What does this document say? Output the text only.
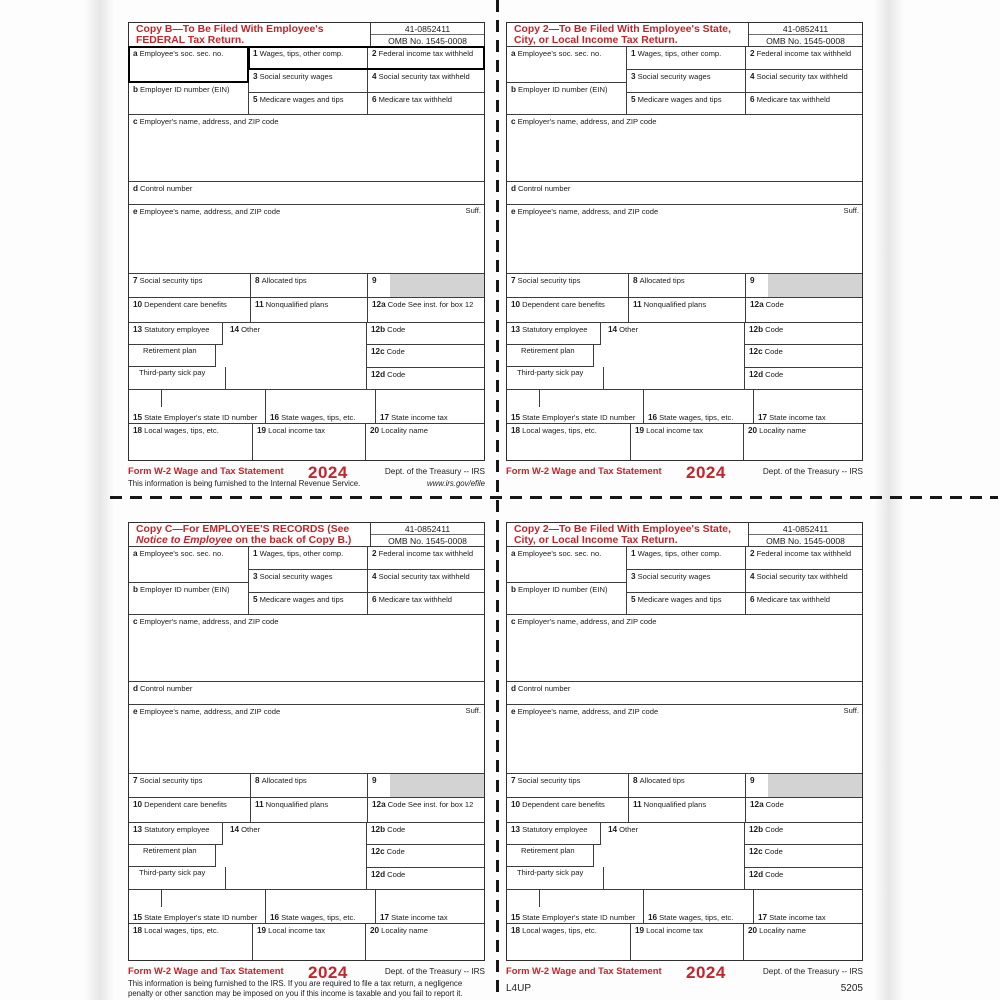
Copy B—To Be Filed With Employee's FEDERAL Tax Return.
41-0852411
OMB No. 1545-0008
a Employee's soc. sec. no.
b Employer ID number (EIN)
1 Wages, tips, other comp.	2 Federal income tax withheld
3 Social security wages	4 Social security tax withheld
5 Medicare wages and tips	6 Medicare tax withheld
c Employer's name, address, and ZIP code
d Control number
e Employee's name, address, and ZIP code	Suff.
7 Social security tips	8 Allocated tips	9
10 Dependent care benefits	11 Nonqualified plans	12a Code See inst. for box 12
13 Statutory employee
Retirement plan
Third-party sick pay
14 Other	12b Code
12c Code
12d Code
15 State Employer's state ID number	16 State wages, tips, etc.	17 State income tax
18 Local wages, tips, etc.	19 Local income tax	20 Locality name
Form W-2 Wage and Tax Statement 2024	Dept. of the Treasury -- IRS
This information is being furnished to the Internal Revenue Service.	www.irs.gov/efile
Copy 2—To Be Filed With Employee's State, City, or Local Income Tax Return.
41-0852411
OMB No. 1545-0008
a Employee's soc. sec. no.
b Employer ID number (EIN)
1 Wages, tips, other comp.	2 Federal income tax withheld
3 Social security wages	4 Social security tax withheld
5 Medicare wages and tips	6 Medicare tax withheld
c Employer's name, address, and ZIP code
d Control number
e Employee's name, address, and ZIP code	Suff.
7 Social security tips	8 Allocated tips	9
10 Dependent care benefits	11 Nonqualified plans	12a Code
13 Statutory employee
Retirement plan
Third-party sick pay
14 Other	12b Code
12c Code
12d Code
15 State Employer's state ID number	16 State wages, tips, etc.	17 State income tax
18 Local wages, tips, etc.	19 Local income tax	20 Locality name
Form W-2 Wage and Tax Statement 2024	Dept. of the Treasury -- IRS
Copy C—For EMPLOYEE'S RECORDS (See Notice to Employee on the back of Copy B.)
41-0852411
OMB No. 1545-0008
a Employee's soc. sec. no.
b Employer ID number (EIN)
1 Wages, tips, other comp.	2 Federal income tax withheld
3 Social security wages	4 Social security tax withheld
5 Medicare wages and tips	6 Medicare tax withheld
c Employer's name, address, and ZIP code
d Control number
e Employee's name, address, and ZIP code	Suff.
7 Social security tips	8 Allocated tips	9
10 Dependent care benefits	11 Nonqualified plans	12a Code See inst. for box 12
13 Statutory employee
Retirement plan
Third-party sick pay
14 Other	12b Code
12c Code
12d Code
15 State Employer's state ID number	16 State wages, tips, etc.	17 State income tax
18 Local wages, tips, etc.	19 Local income tax	20 Locality name
Form W-2 Wage and Tax Statement 2024	Dept. of the Treasury -- IRS
This information is being furnished to the IRS. If you are required to file a tax return, a negligence penalty or other sanction may be imposed on you if this income is taxable and you fail to report it.
Copy 2—To Be Filed With Employee's State, City, or Local Income Tax Return.
41-0852411
OMB No. 1545-0008
a Employee's soc. sec. no.
b Employer ID number (EIN)
1 Wages, tips, other comp.	2 Federal income tax withheld
3 Social security wages	4 Social security tax withheld
5 Medicare wages and tips	6 Medicare tax withheld
c Employer's name, address, and ZIP code
d Control number
e Employee's name, address, and ZIP code	Suff.
7 Social security tips	8 Allocated tips	9
10 Dependent care benefits	11 Nonqualified plans	12a Code
13 Statutory employee
Retirement plan
Third-party sick pay
14 Other	12b Code
12c Code
12d Code
15 State Employer's state ID number	16 State wages, tips, etc.	17 State income tax
18 Local wages, tips, etc.	19 Local income tax	20 Locality name
Form W-2 Wage and Tax Statement 2024	Dept. of the Treasury -- IRS
L4UP	5205
